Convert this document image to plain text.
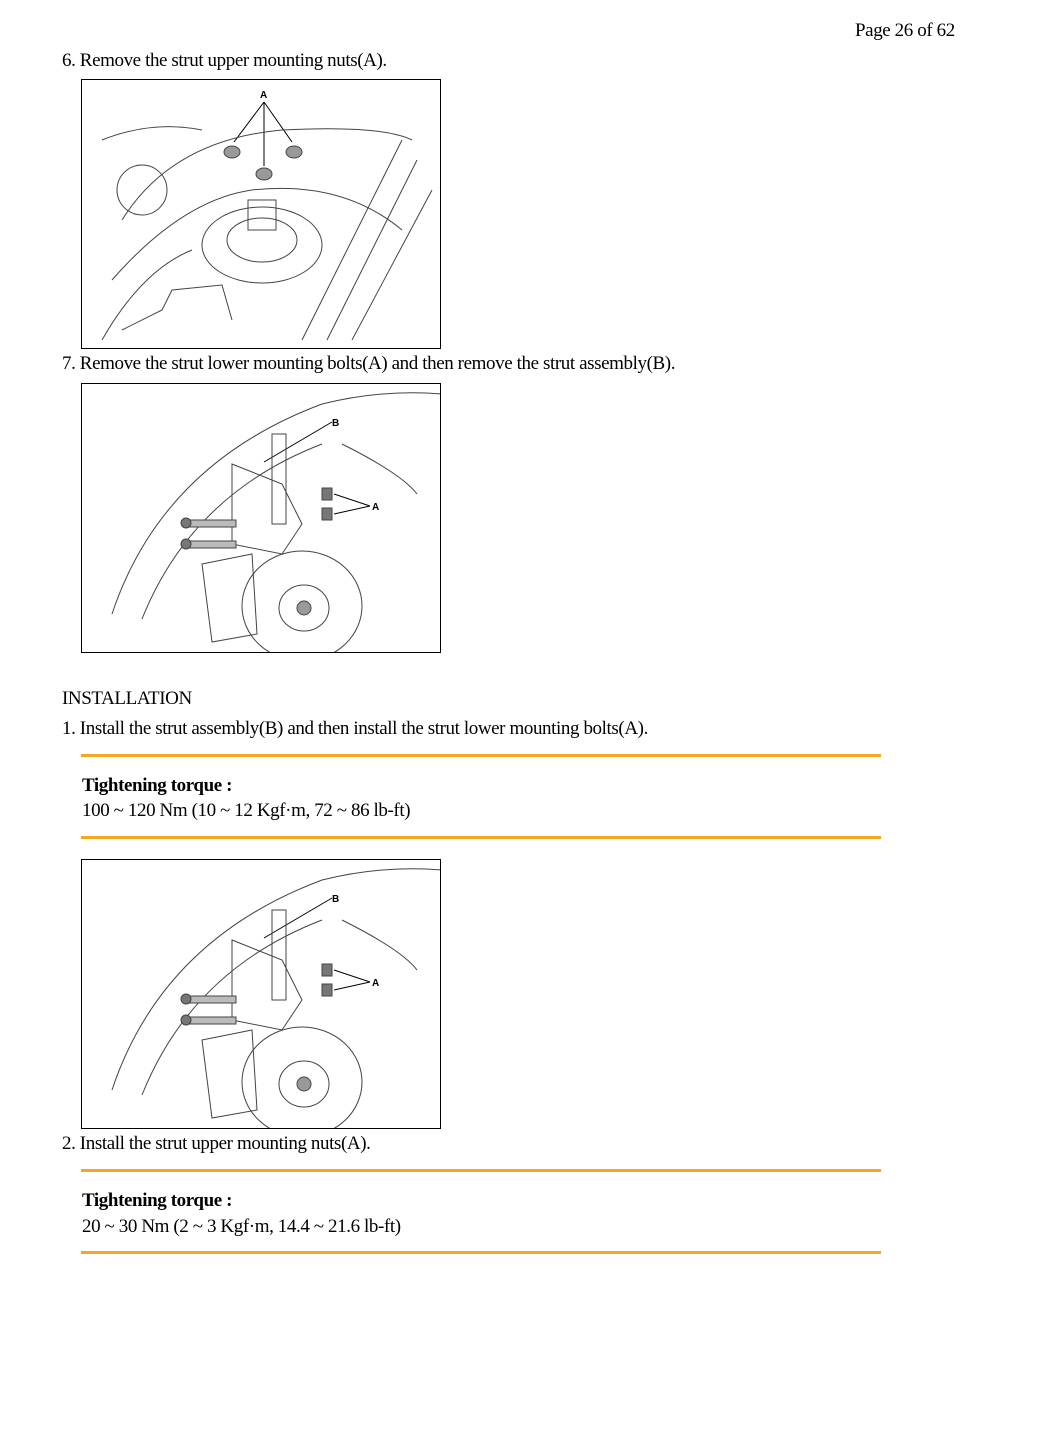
Page 26 of 62
6. Remove the strut upper mounting nuts(A).
A
7. Remove the strut lower mounting bolts(A) and then remove the strut assembly(B).
B
A
INSTALLATION
1. Install the strut assembly(B) and then install the strut lower mounting bolts(A).
Tightening torque :
100 ~ 120 Nm (10 ~ 12 Kgf·m, 72 ~ 86 lb-ft)
B
A
2. Install the strut upper mounting nuts(A).
Tightening torque :
20 ~ 30 Nm (2 ~ 3 Kgf·m, 14.4 ~ 21.6 lb-ft)
